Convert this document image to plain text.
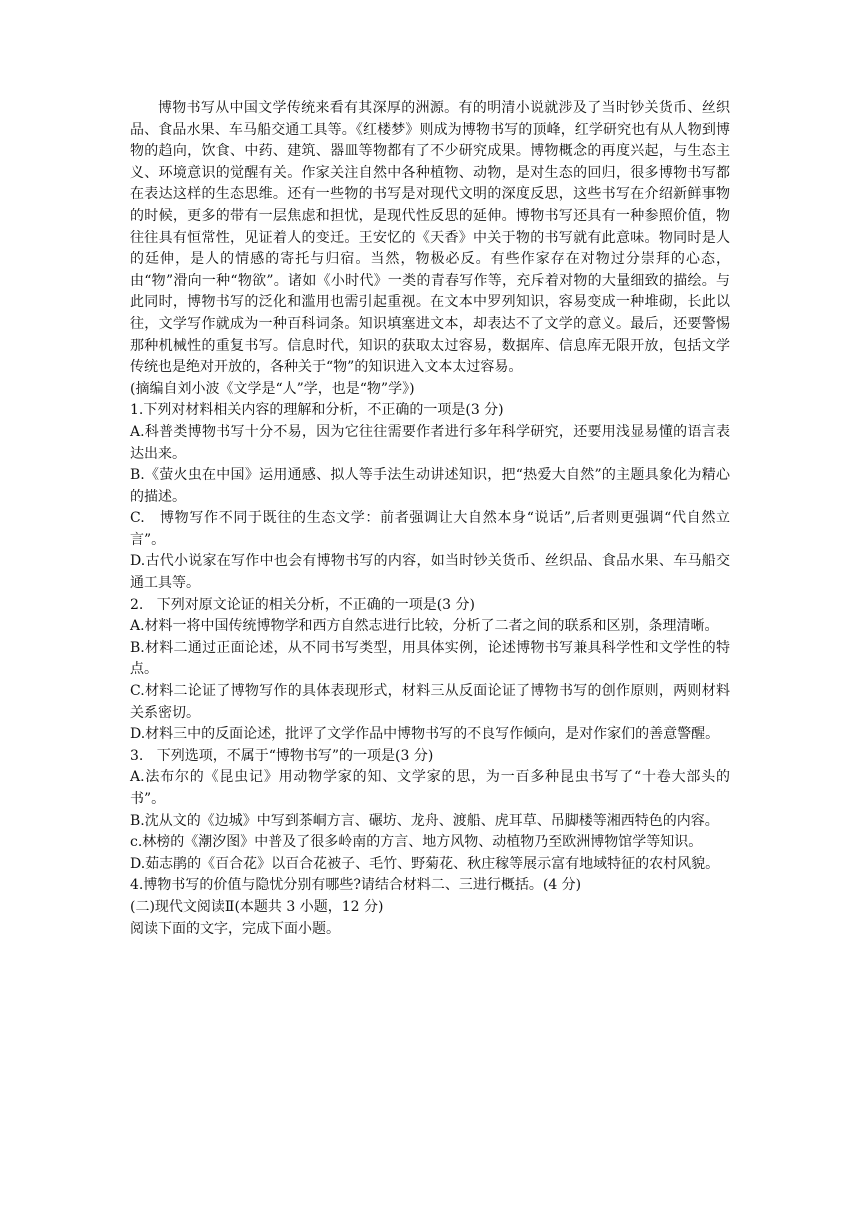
博物书写从中国文学传统来看有其深厚的洲源。有的明清小说就涉及了当时钞关货币、丝织品、食品水果、车马船交通工具等。《红楼梦》则成为博物书写的顶峰，红学研究也有从人物到博物的趋向，饮食、中药、建筑、器皿等物都有了不少研究成果。博物概念的再度兴起，与生态主义、环境意识的觉醒有关。作家关注自然中各种植物、动物，是对生态的回归，很多博物书写都在表达这样的生态思维。还有一些物的书写是对现代文明的深度反思，这些书写在介绍新鲜事物的时候，更多的带有一层焦虑和担忧，是现代性反思的延伸。博物书写还具有一种参照价值，物往往具有恒常性，见证着人的变迁。王安忆的《天香》中关于物的书写就有此意味。物同时是人的廷伸，是人的情感的寄托与归宿。当然，物极必反。有些作家存在对物过分崇拜的心态，由“物”滑向一种“物欲”。诸如《小时代》一类的青春写作等，充斥着对物的大量细致的描绘。与此同时，博物书写的泛化和滥用也需引起重视。在文本中罗列知识，容易变成一种堆砌，长此以往，文学写作就成为一种百科词条。知识填塞进文本，却表达不了文学的意义。最后，还要警惕那种机械性的重复书写。信息时代，知识的获取太过容易，数据库、信息库无限开放，包括文学传统也是绝对开放的，各种关于“物”的知识进入文本太过容易。

(摘编自刘小波《文学是“人”学，也是“物”学》)

1.下列对材料相关内容的理解和分析，不正确的一项是(3 分)

A.科普类博物书写十分不易，因为它往往需要作者进行多年科学研究，还要用浅显易懂的语言表达出来。

B.《萤火虫在中国》运用通感、拟人等手法生动讲述知识，把“热爱大自然”的主题具象化为精心的描述。

C.   博物写作不同于既往的生态文学：前者强调让大自然本身“说话”,后者则更强调“代自然立言”。

D.古代小说家在写作中也会有博物书写的内容，如当时钞关货币、丝织品、食品水果、车马船交通工具等。

2.   下列对原文论证的相关分析，不正确的一项是(3 分)

A.材料一将中国传统博物学和西方自然志进行比较，分析了二者之间的联系和区别，条理清晰。

B.材料二通过正面论述，从不同书写类型，用具体实例，论述博物书写兼具科学性和文学性的特点。

C.材料二论证了博物写作的具体表现形式，材料三从反面论证了博物书写的创作原则，两则材料关系密切。

D.材料三中的反面论述，批评了文学作品中博物书写的不良写作倾向，是对作家们的善意警醒。

3.   下列选项，不属于“博物书写”的一项是(3 分)

A.法布尔的《昆虫记》用动物学家的知、文学家的思，为一百多种昆虫书写了“十卷大部头的书”。

B.沈从文的《边城》中写到茶峒方言、碾坊、龙舟、渡船、虎耳草、吊脚楼等湘西特色的内容。

c.林榜的《潮汐图》中普及了很多岭南的方言、地方风物、动植物乃至欧洲博物馆学等知识。

D.茹志鹃的《百合花》以百合花被子、毛竹、野菊花、秋庄稼等展示富有地域特征的农村风貌。

4.博物书写的价值与隐忧分别有哪些?请结合材料二、三进行概括。(4 分)

(二)现代文阅读Ⅱ(本题共 3 小题，12 分)

阅读下面的文字，完成下面小题。
